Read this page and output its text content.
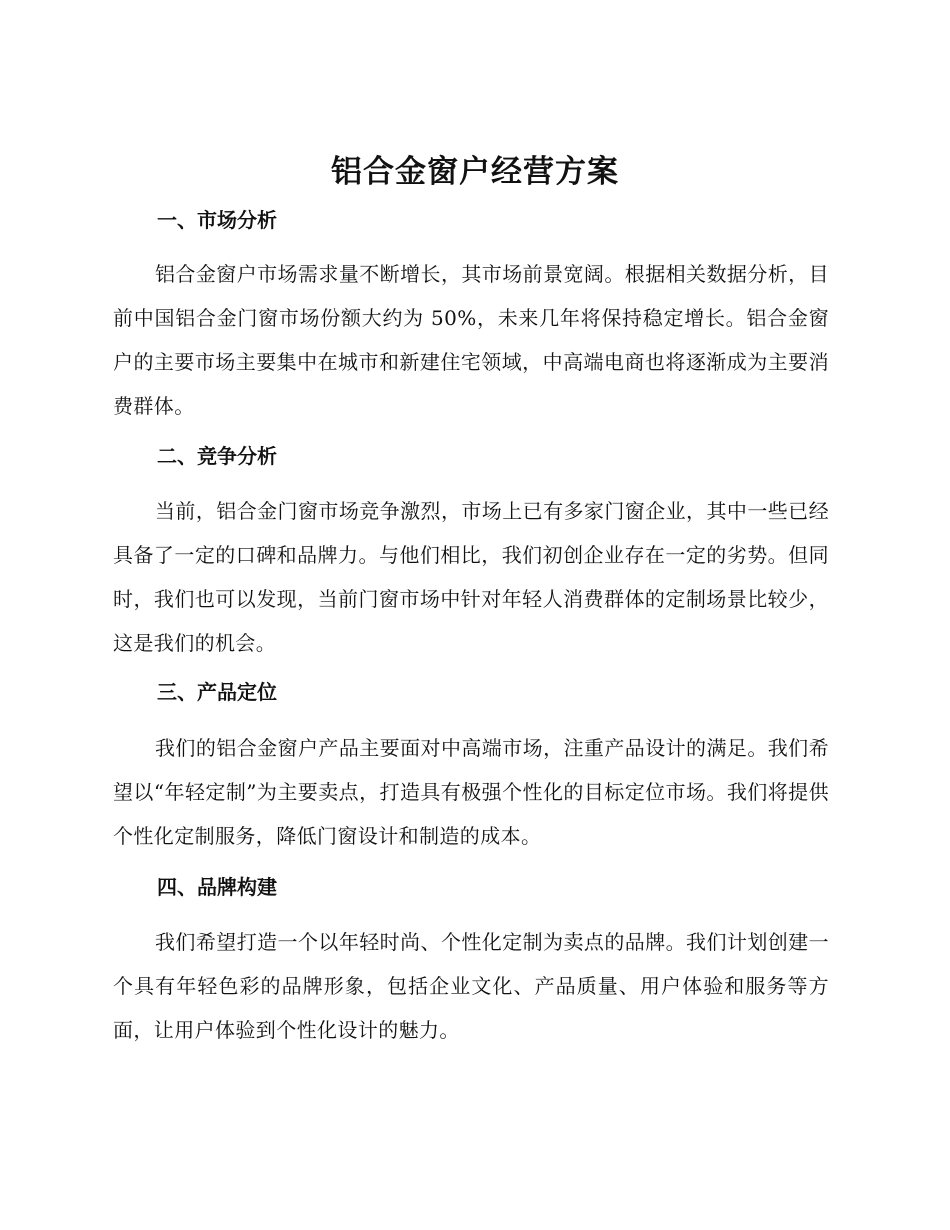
铝合金窗户经营方案
一、市场分析

铝合金窗户市场需求量不断增长，其市场前景宽阔。根据相关数据分析，目前中国铝合金门窗市场份额大约为 50%，未来几年将保持稳定增长。铝合金窗户的主要市场主要集中在城市和新建住宅领域，中高端电商也将逐渐成为主要消费群体。

二、竞争分析

当前，铝合金门窗市场竞争激烈，市场上已有多家门窗企业，其中一些已经具备了一定的口碑和品牌力。与他们相比，我们初创企业存在一定的劣势。但同时，我们也可以发现，当前门窗市场中针对年轻人消费群体的定制场景比较少，这是我们的机会。

三、产品定位

我们的铝合金窗户产品主要面对中高端市场，注重产品设计的满足。我们希望以“年轻定制”为主要卖点，打造具有极强个性化的目标定位市场。我们将提供个性化定制服务，降低门窗设计和制造的成本。

四、品牌构建

我们希望打造一个以年轻时尚、个性化定制为卖点的品牌。我们计划创建一个具有年轻色彩的品牌形象，包括企业文化、产品质量、用户体验和服务等方面，让用户体验到个性化设计的魅力。
